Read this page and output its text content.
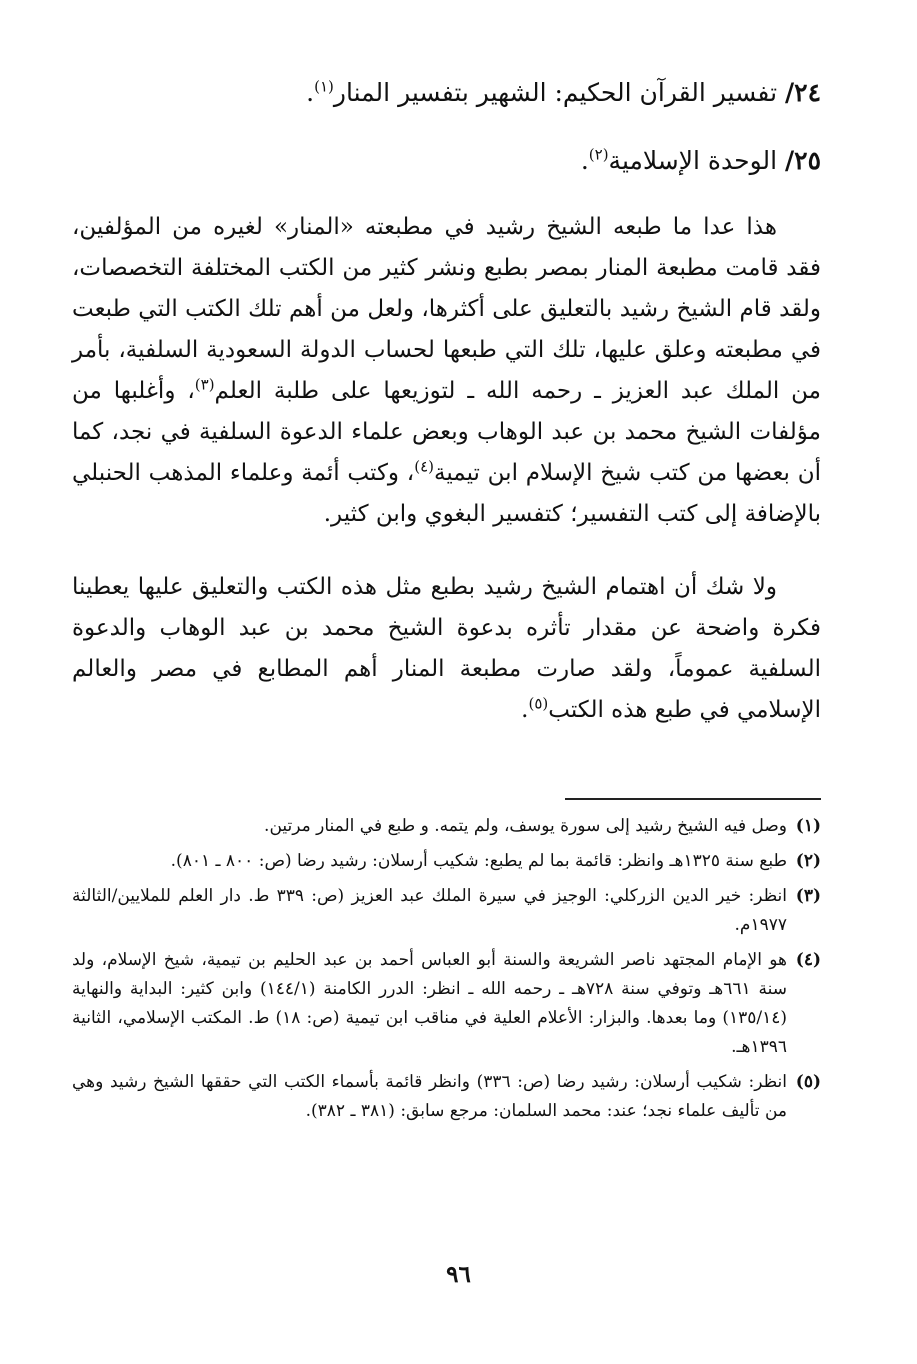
٢٤/ تفسير القرآن الحكيم: الشهير بتفسير المنار$^{(١)}$.
٢٥/ الوحدة الإسلامية$^{(٢)}$.

هذا عدا ما طبعه الشيخ رشيد في مطبعته «المنار» لغيره من المؤلفين، فقد قامت مطبعة المنار بمصر بطبع ونشر كثير من الكتب المختلفة التخصصات، ولقد قام الشيخ رشيد بالتعليق على أكثرها، ولعل من أهم تلك الكتب التي طبعت في مطبعته وعلق عليها، تلك التي طبعها لحساب الدولة السعودية السلفية، بأمر من الملك عبد العزيز ـ رحمه الله ـ لتوزيعها على طلبة العلم$^{(٣)}$، وأغلبها من مؤلفات الشيخ محمد بن عبد الوهاب وبعض علماء الدعوة السلفية في نجد، كما أن بعضها من كتب شيخ الإسلام ابن تيمية$^{(٤)}$، وكتب أئمة وعلماء المذهب الحنبلي بالإضافة إلى كتب التفسير؛ كتفسير البغوي وابن كثير.

ولا شك أن اهتمام الشيخ رشيد بطبع مثل هذه الكتب والتعليق عليها يعطينا فكرة واضحة عن مقدار تأثره بدعوة الشيخ محمد بن عبد الوهاب والدعوة السلفية عموماً، ولقد صارت مطبعة المنار أهم المطابع في مصر والعالم الإسلامي في طبع هذه الكتب$^{(٥)}$.

(١)
وصل فيه الشيخ رشيد إلى سورة يوسف، ولم يتمه. و طبع في المنار مرتين.
(٢)
طبع سنة ١٣٢٥هـ وانظر: قائمة بما لم يطبع: شكيب أرسلان: رشيد رضا (ص: ٨٠٠ ـ ٨٠١).
(٣)
انظر: خير الدين الزركلي: الوجيز في سيرة الملك عبد العزيز (ص: ٣٣٩ ط. دار العلم للملايين/الثالثة ١٩٧٧م.
(٤)
هو الإمام المجتهد ناصر الشريعة والسنة أبو العباس أحمد بن عبد الحليم بن تيمية، شيخ الإسلام، ولد سنة ٦٦١هـ وتوفي سنة ٧٢٨هـ ـ رحمه الله ـ انظر: الدرر الكامنة (١٤٤/١) وابن كثير: البداية والنهاية (١٣٥/١٤) وما بعدها. والبزار: الأعلام العلية في مناقب ابن تيمية (ص: ١٨) ط. المكتب الإسلامي، الثانية ١٣٩٦هـ.
(٥)
انظر: شكيب أرسلان: رشيد رضا (ص: ٣٣٦) وانظر قائمة بأسماء الكتب التي حققها الشيخ رشيد وهي من تأليف علماء نجد؛ عند: محمد السلمان: مرجع سابق: (٣٨١ ـ ٣٨٢).
٩٦
